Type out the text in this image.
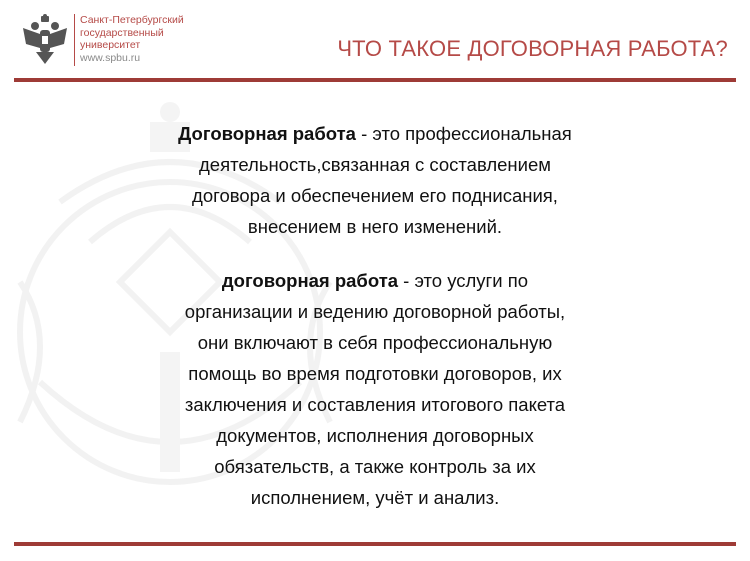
Санкт-Петербургский
государственный
университет
www.spbu.ru	ЧТО ТАКОЕ ДОГОВОРНАЯ РАБОТА?
Договорная работа - это профессиональная
деятельность,связанная с составлением
договора и обеспечением его поднисания,
внесением в него изменений.
договорная работа - это услуги по
организации и ведению договорной работы,
они включают в себя профессиональную
помощь во время подготовки договоров, их
заключения и составления итогового пакета
документов, исполнения договорных
обязательств, а также контроль за их
исполнением, учёт и анализ.
